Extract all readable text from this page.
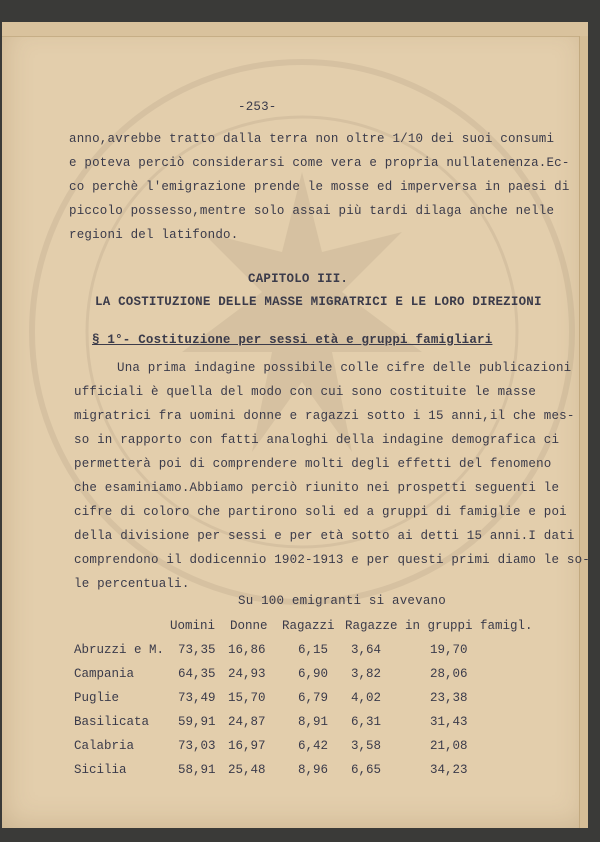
-253-
anno,avrebbe tratto dalla terra non oltre 1/10 dei suoi consumi
e poteva perciò considerarsi come vera e propria nullatenenza.Ec-
co perchè l'emigrazione prende le mosse ed imperversa in paesi di
piccolo possesso,mentre solo assai più tardi dilaga anche nelle
regioni del latifondo.
CAPITOLO III.
LA COSTITUZIONE DELLE MASSE MIGRATRICI E LE LORO DIREZIONI
§ 1°- Costituzione per sessi età e gruppi famigliari
Una prima indagine possibile colle cifre delle publicazioni
ufficiali è quella del modo con cui sono costituite le masse
migratrici fra uomini donne e ragazzi sotto i 15 anni,il che mes-
so in rapporto con fatti analoghi della indagine demografica ci
permetterà poi di comprendere molti degli effetti del fenomeno
che esaminiamo.Abbiamo perciò riunito nei prospetti seguenti le
cifre di coloro che partirono soli ed a gruppi di famiglie e poi
della divisione per sessi e per età sotto ai detti 15 anni.I dati
comprendono il dodicennio 1902-1913 e per questi primi diamo le so-
le percentuali.
Su 100 emigranti si avevano
Uomini Donne Ragazzi Ragazze in gruppi famigl.
Abruzzi e M. 73,35 16,86	6,15 3,64	19,70
Campania	64,35 24,93	6,90 3,82	28,06
Puglie	73,49 15,70	6,79 4,02	23,38
Basilicata 59,91 24,87	8,91 6,31	31,43
Calabria	73,03 16,97	6,42 3,58	21,08
Sicilia	58,91 25,48	8,96 6,65	34,23
